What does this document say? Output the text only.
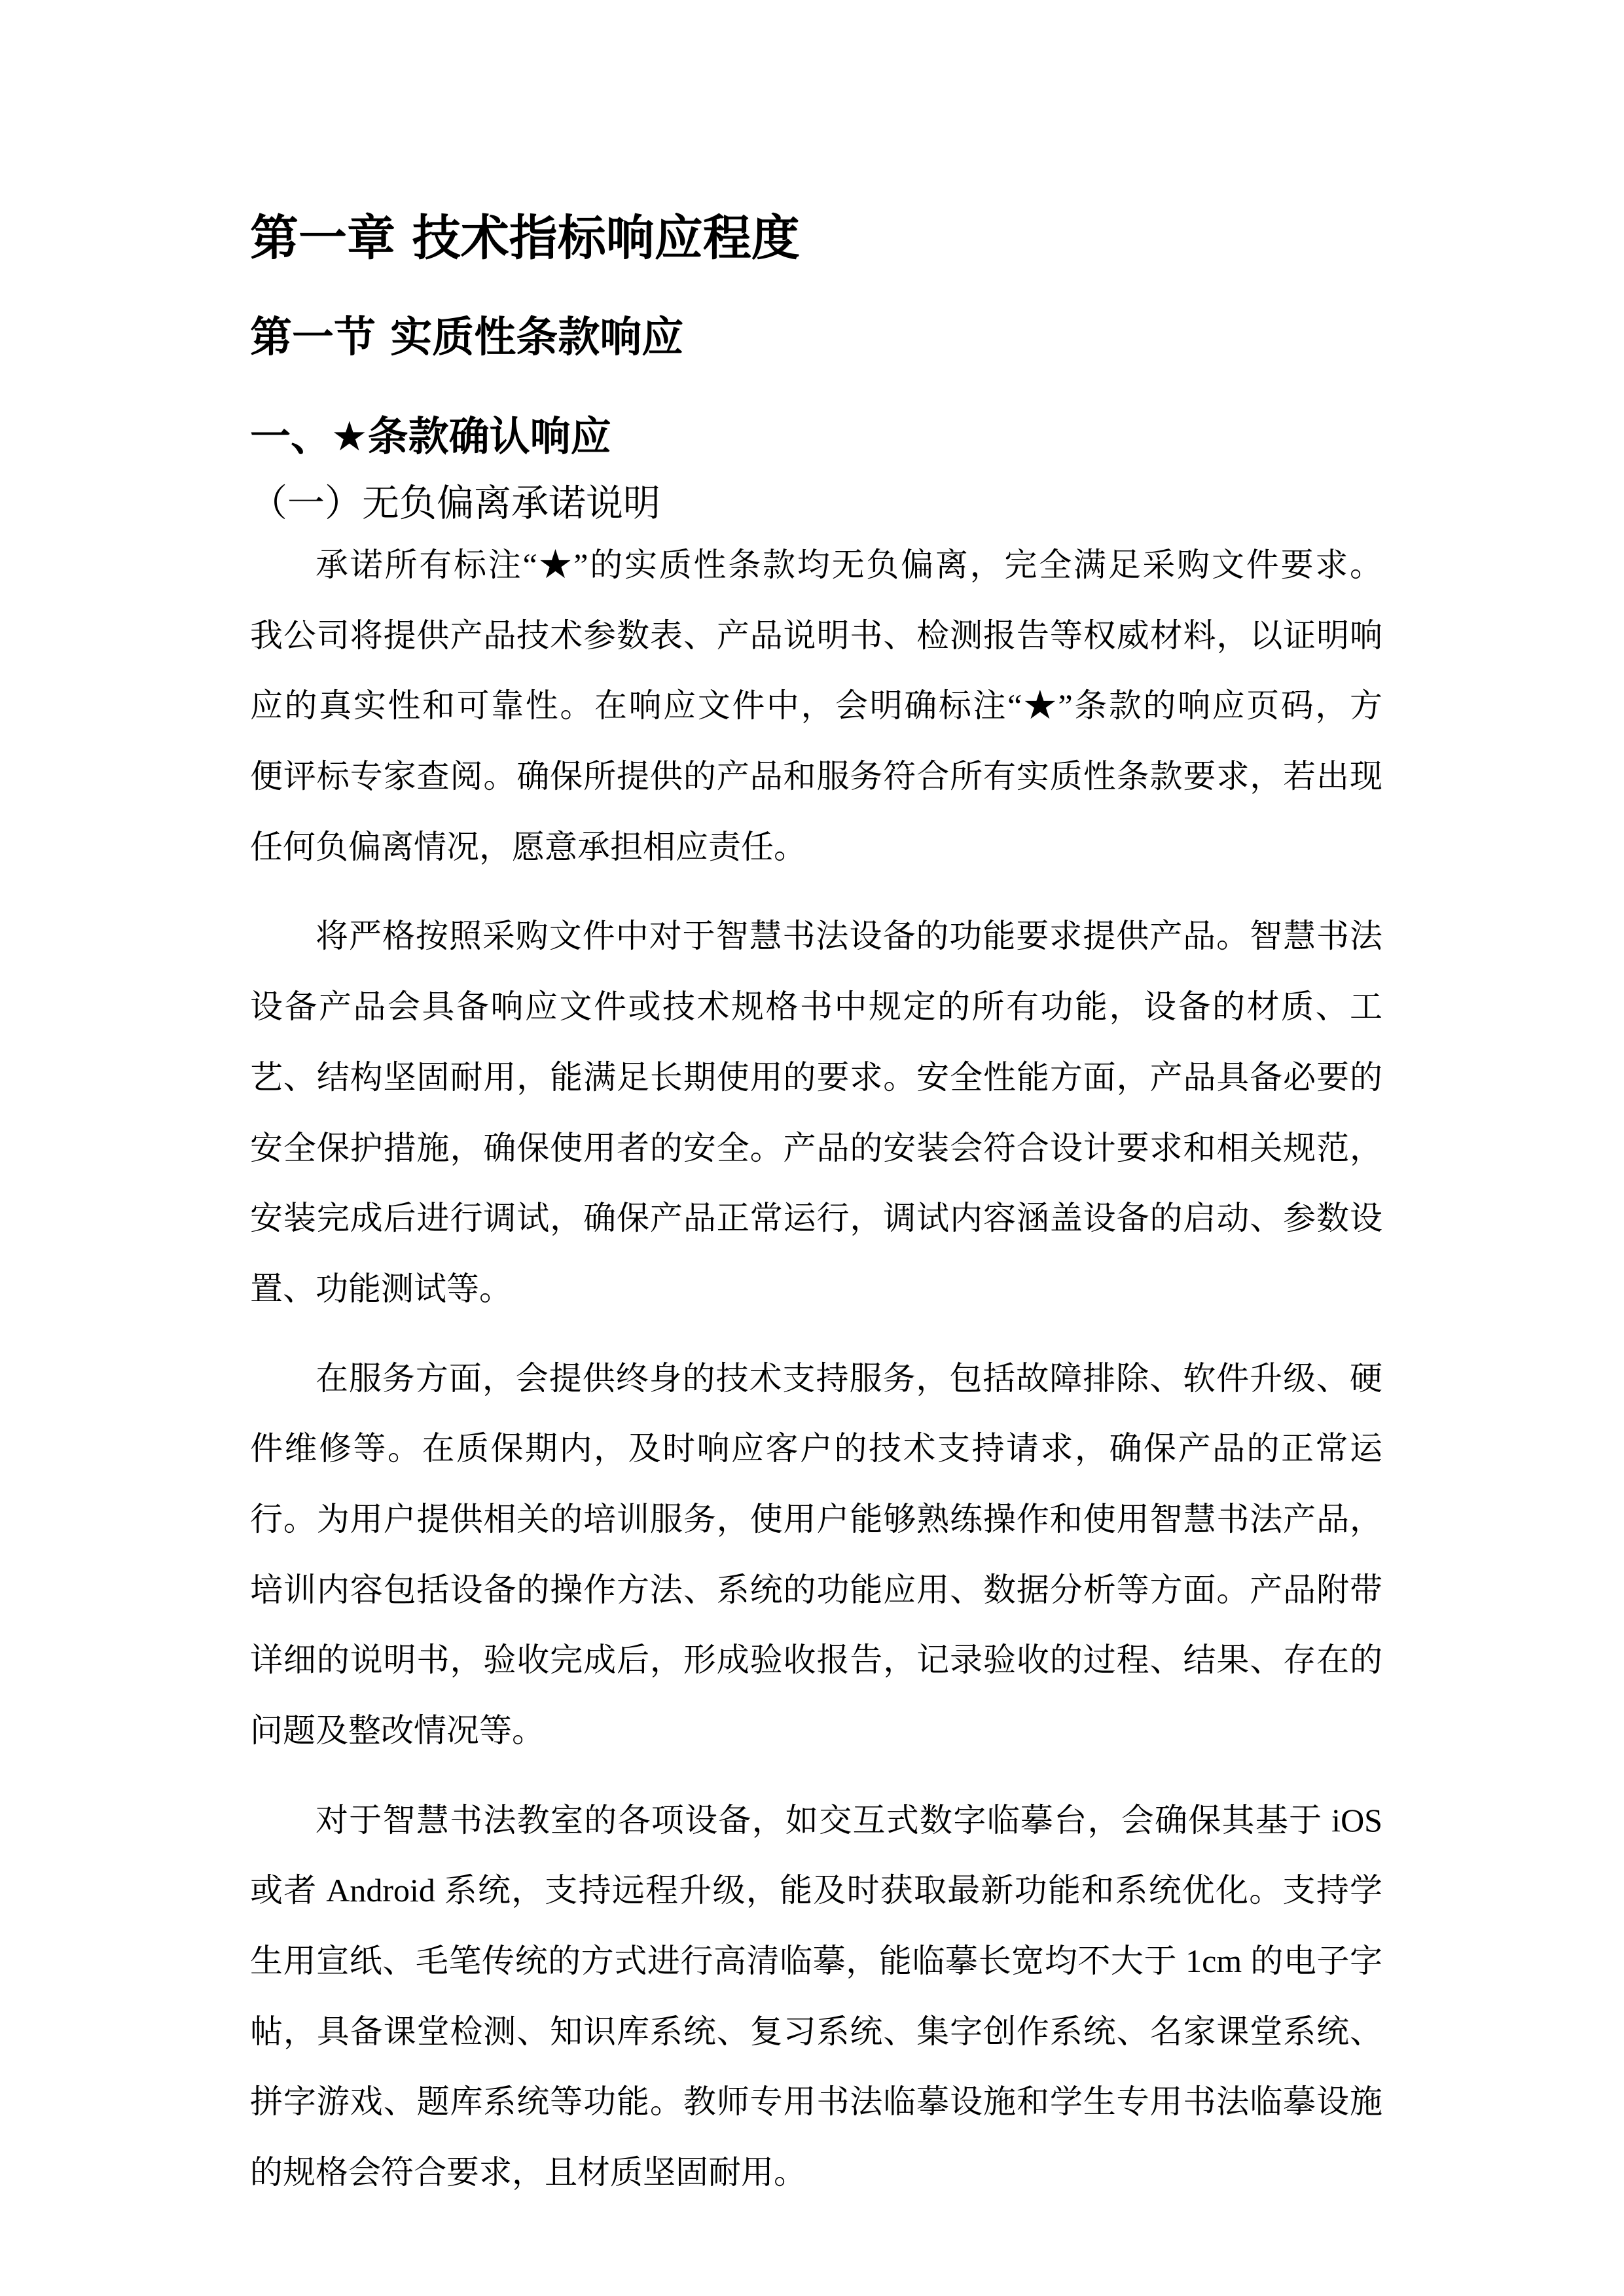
第一章 技术指标响应程度
第一节 实质性条款响应
一、★条款确认响应
（一）无负偏离承诺说明
承诺所有标注“★”的实质性条款均无负偏离，完全满足采购文件要求。
我公司将提供产品技术参数表、产品说明书、检测报告等权威材料，以证明响
应的真实性和可靠性。在响应文件中，会明确标注“★”条款的响应页码，方
便评标专家查阅。确保所提供的产品和服务符合所有实质性条款要求，若出现
任何负偏离情况，愿意承担相应责任。
将严格按照采购文件中对于智慧书法设备的功能要求提供产品。智慧书法
设备产品会具备响应文件或技术规格书中规定的所有功能，设备的材质、工
艺、结构坚固耐用，能满足长期使用的要求。安全性能方面，产品具备必要的
安全保护措施，确保使用者的安全。产品的安装会符合设计要求和相关规范，
安装完成后进行调试，确保产品正常运行，调试内容涵盖设备的启动、参数设
置、功能测试等。
在服务方面，会提供终身的技术支持服务，包括故障排除、软件升级、硬
件维修等。在质保期内，及时响应客户的技术支持请求，确保产品的正常运
行。为用户提供相关的培训服务，使用户能够熟练操作和使用智慧书法产品，
培训内容包括设备的操作方法、系统的功能应用、数据分析等方面。产品附带
详细的说明书，验收完成后，形成验收报告，记录验收的过程、结果、存在的
问题及整改情况等。
对于智慧书法教室的各项设备，如交互式数字临摹台，会确保其基于 iOS
或者 Android 系统，支持远程升级，能及时获取最新功能和系统优化。支持学
生用宣纸、毛笔传统的方式进行高清临摹，能临摹长宽均不大于 1cm 的电子字
帖，具备课堂检测、知识库系统、复习系统、集字创作系统、名家课堂系统、
拼字游戏、题库系统等功能。教师专用书法临摹设施和学生专用书法临摹设施
的规格会符合要求，且材质坚固耐用。
